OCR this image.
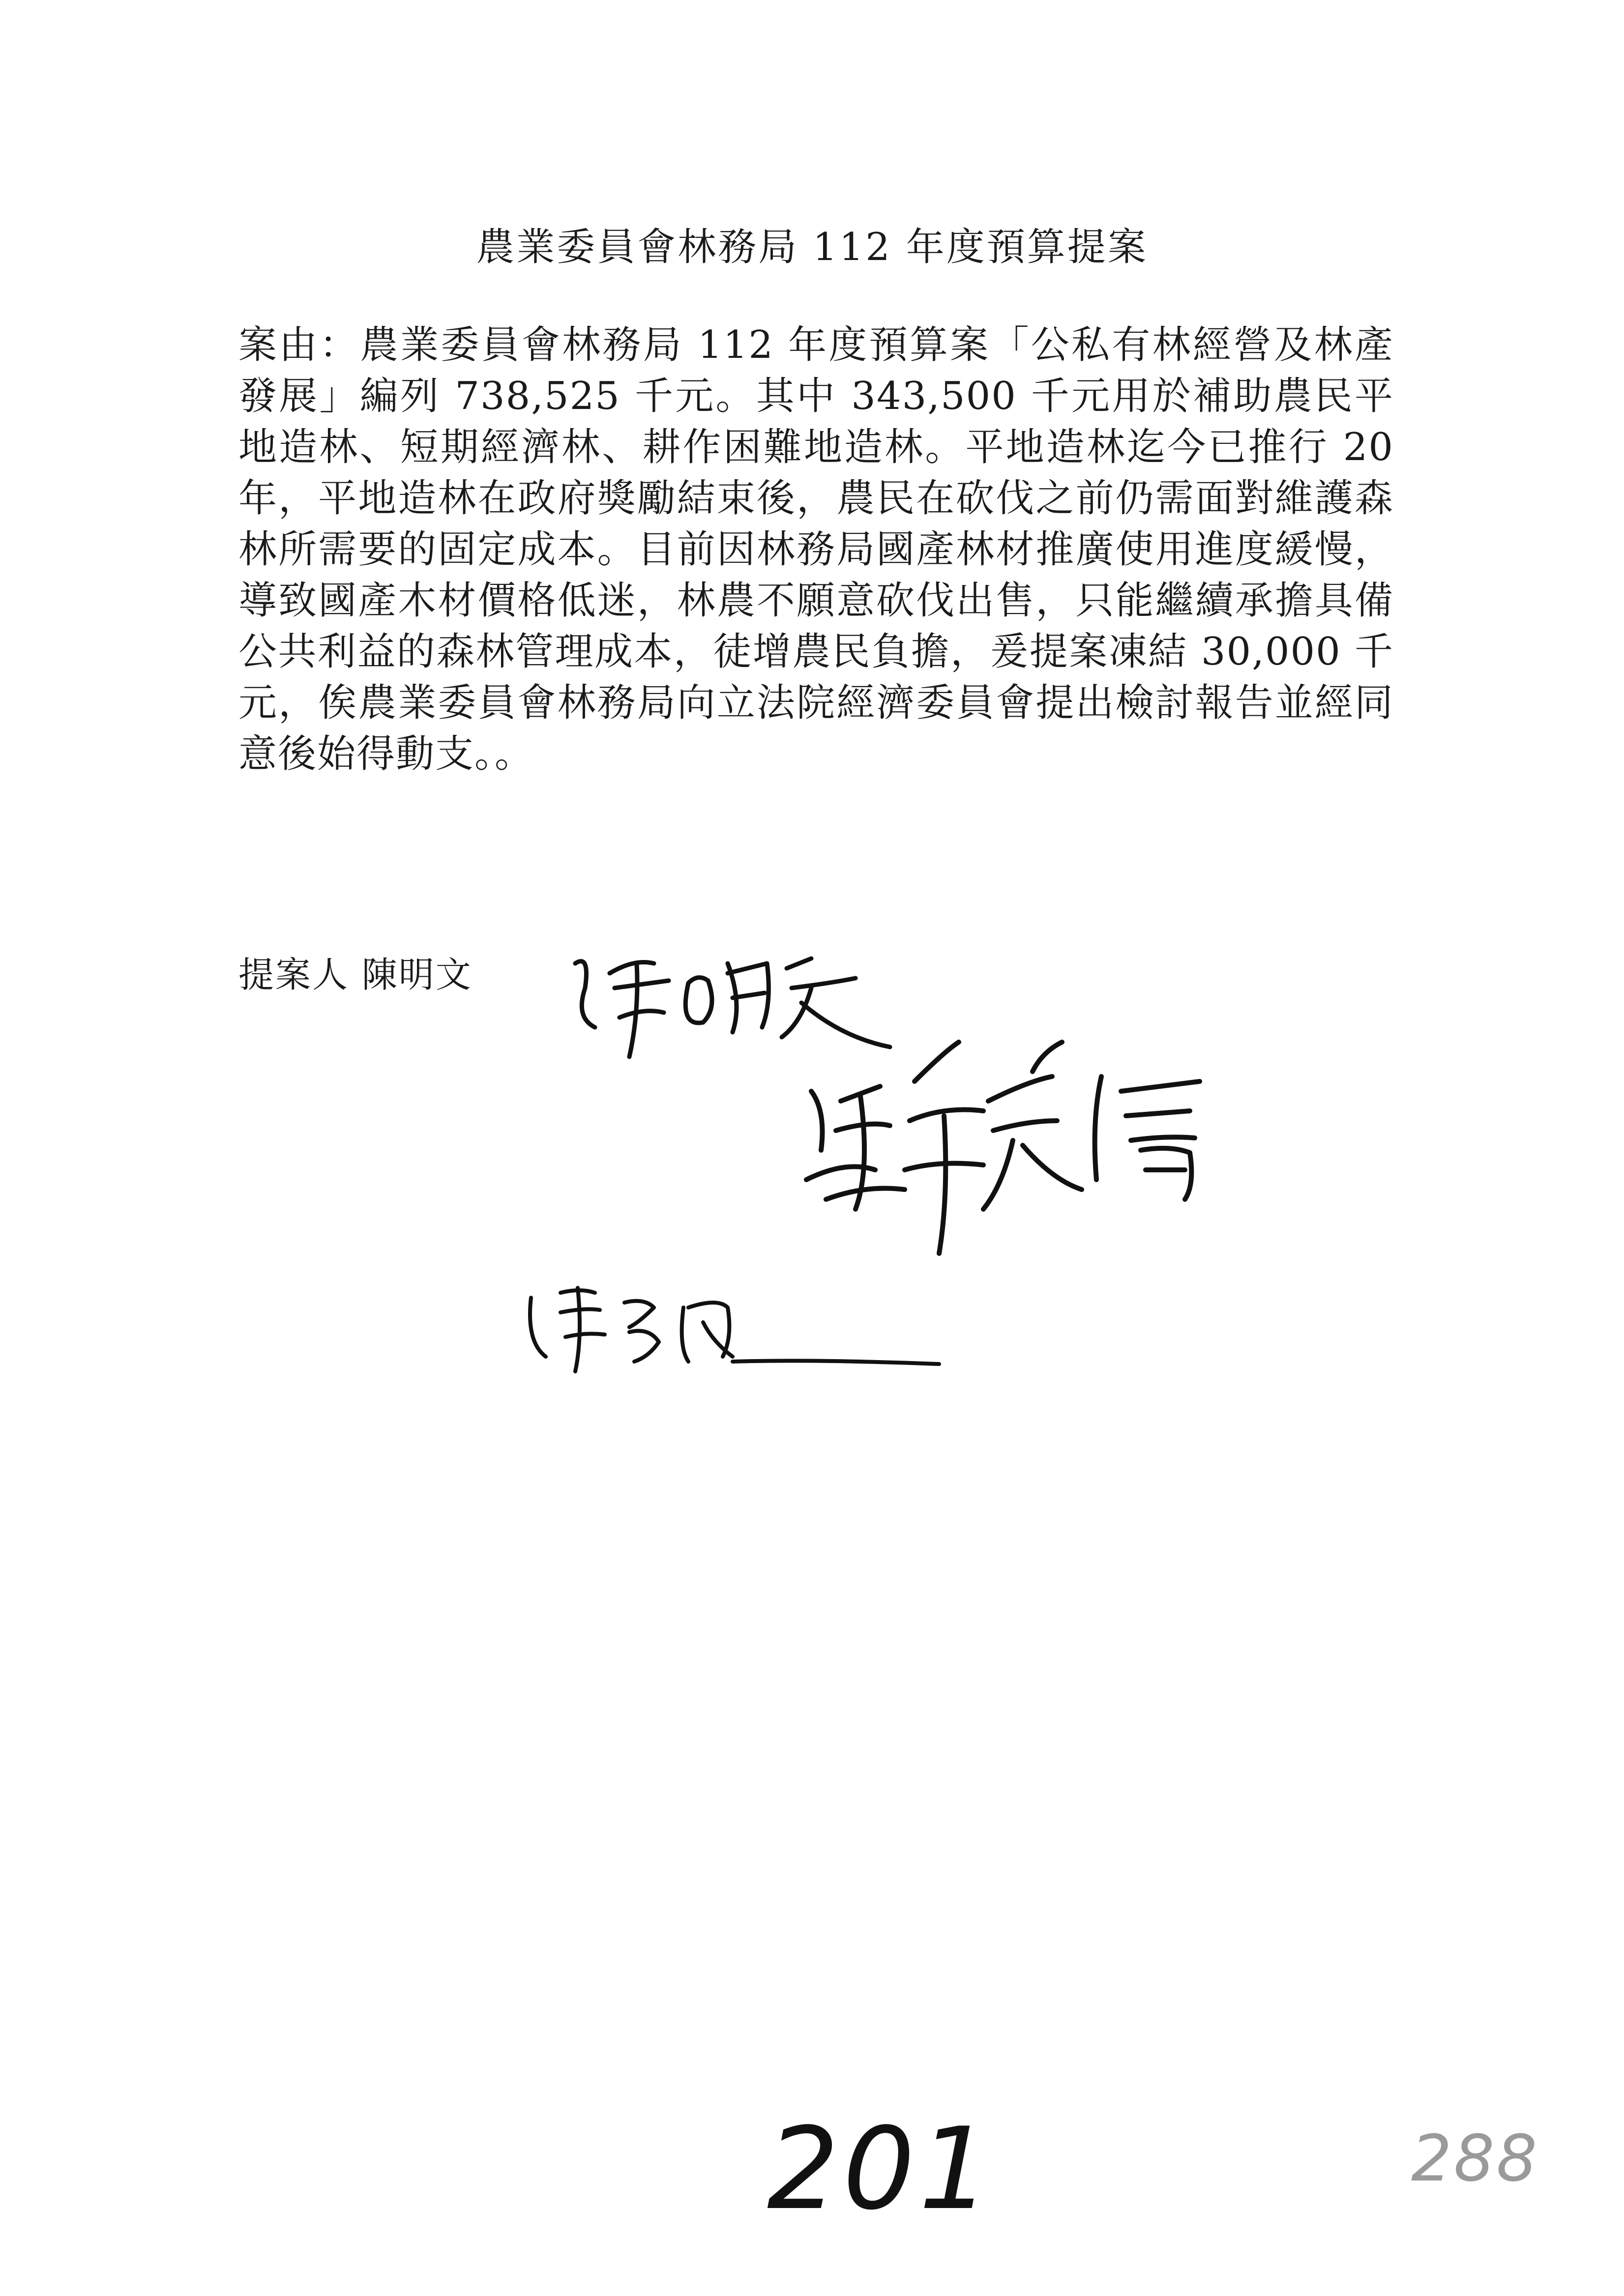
農業委員會林務局 112 年度預算提案

案由：農業委員會林務局 112 年度預算案「公私有林經營及林產發展」編列 738,525 千元。其中 343,500 千元用於補助農民平地造林、短期經濟林、耕作困難地造林。平地造林迄今已推行 20 年，平地造林在政府獎勵結束後，農民在砍伐之前仍需面對維護森林所需要的固定成本。目前因林務局國產林材推廣使用進度緩慢，導致國產木材價格低迷，林農不願意砍伐出售，只能繼續承擔具備公共利益的森林管理成本，徒增農民負擔，爰提案凍結 30,000 千元，俟農業委員會林務局向立法院經濟委員會提出檢討報告並經同意後始得動支。。

提案人 陳明文
201	288
